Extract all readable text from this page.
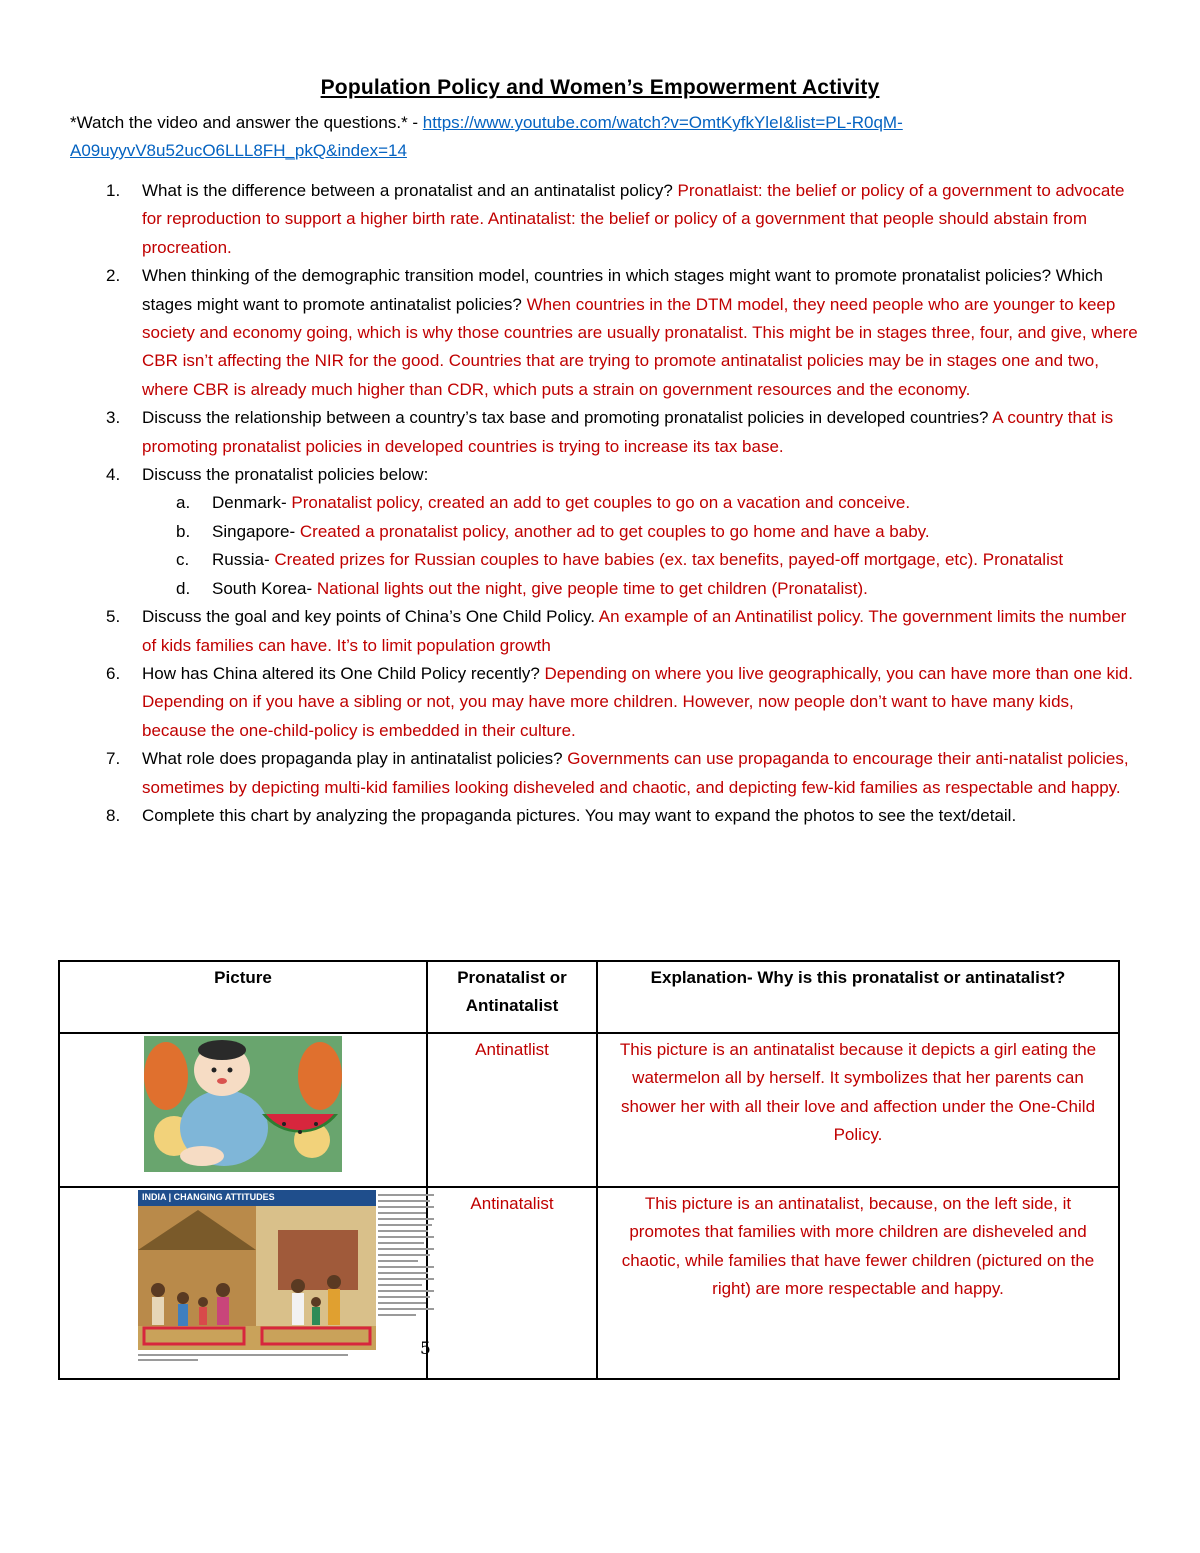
Population Policy and Women’s Empowerment Activity
*Watch the video and answer the questions.* - https://www.youtube.com/watch?v=OmtKyfkYleI&list=PL-R0qM-
A09uyyvV8u52ucO6LLL8FH_pkQ&index=14
1. What is the difference between a pronatalist and an antinatalist policy? Pronatlaist: the belief or policy of a government to advocate for reproduction to support a higher birth rate. Antinatalist: the belief or policy of a government that people should abstain from procreation.
2. When thinking of the demographic transition model, countries in which stages might want to promote pronatalist policies? Which stages might want to promote antinatalist policies? When countries in the DTM model, they need people who are younger to keep society and economy going, which is why those countries are usually pronatalist. This might be in stages three, four, and give, where CBR isn’t affecting the NIR for the good. Countries that are trying to promote antinatalist policies may be in stages one and two, where CBR is already much higher than CDR, which puts a strain on government resources and the economy.
3. Discuss the relationship between a country’s tax base and promoting pronatalist policies in developed countries? A country that is promoting pronatalist policies in developed countries is trying to increase its tax base.
4. Discuss the pronatalist policies below:
a. Denmark- Pronatalist policy, created an add to get couples to go on a vacation and conceive.
b. Singapore- Created a pronatalist policy, another ad to get couples to go home and have a baby.
c. Russia- Created prizes for Russian couples to have babies (ex. tax benefits, payed-off mortgage, etc). Pronatalist
d. South Korea- National lights out the night, give people time to get children (Pronatalist).
5. Discuss the goal and key points of China’s One Child Policy. An example of an Antinatilist policy. The government limits the number of kids families can have. It’s to limit population growth
6. How has China altered its One Child Policy recently? Depending on where you live geographically, you can have more than one kid. Depending on if you have a sibling or not, you may have more children. However, now people don’t want to have many kids, because the one-child-policy is embedded in their culture.
7. What role does propaganda play in antinatalist policies? Governments can use propaganda to encourage their anti-natalist policies, sometimes by depicting multi-kid families looking disheveled and chaotic, and depicting few-kid families as respectable and happy.
8. Complete this chart by analyzing the propaganda pictures. You may want to expand the photos to see the text/detail.
Picture	Pronatalist or Antinatalist	Explanation- Why is this pronatalist or antinatalist?

	Antinatlist	This picture is an antinatalist because it depicts a girl eating the watermelon all by herself. It symbolizes that her parents can shower her with all their love and affection under the One-Child Policy.

INDIA | CHANGING ATTITUDES
5	Antinatalist	This picture is an antinatalist, because, on the left side, it promotes that families with more children are disheveled and chaotic, while families that have fewer children (pictured on the right) are more respectable and happy.
